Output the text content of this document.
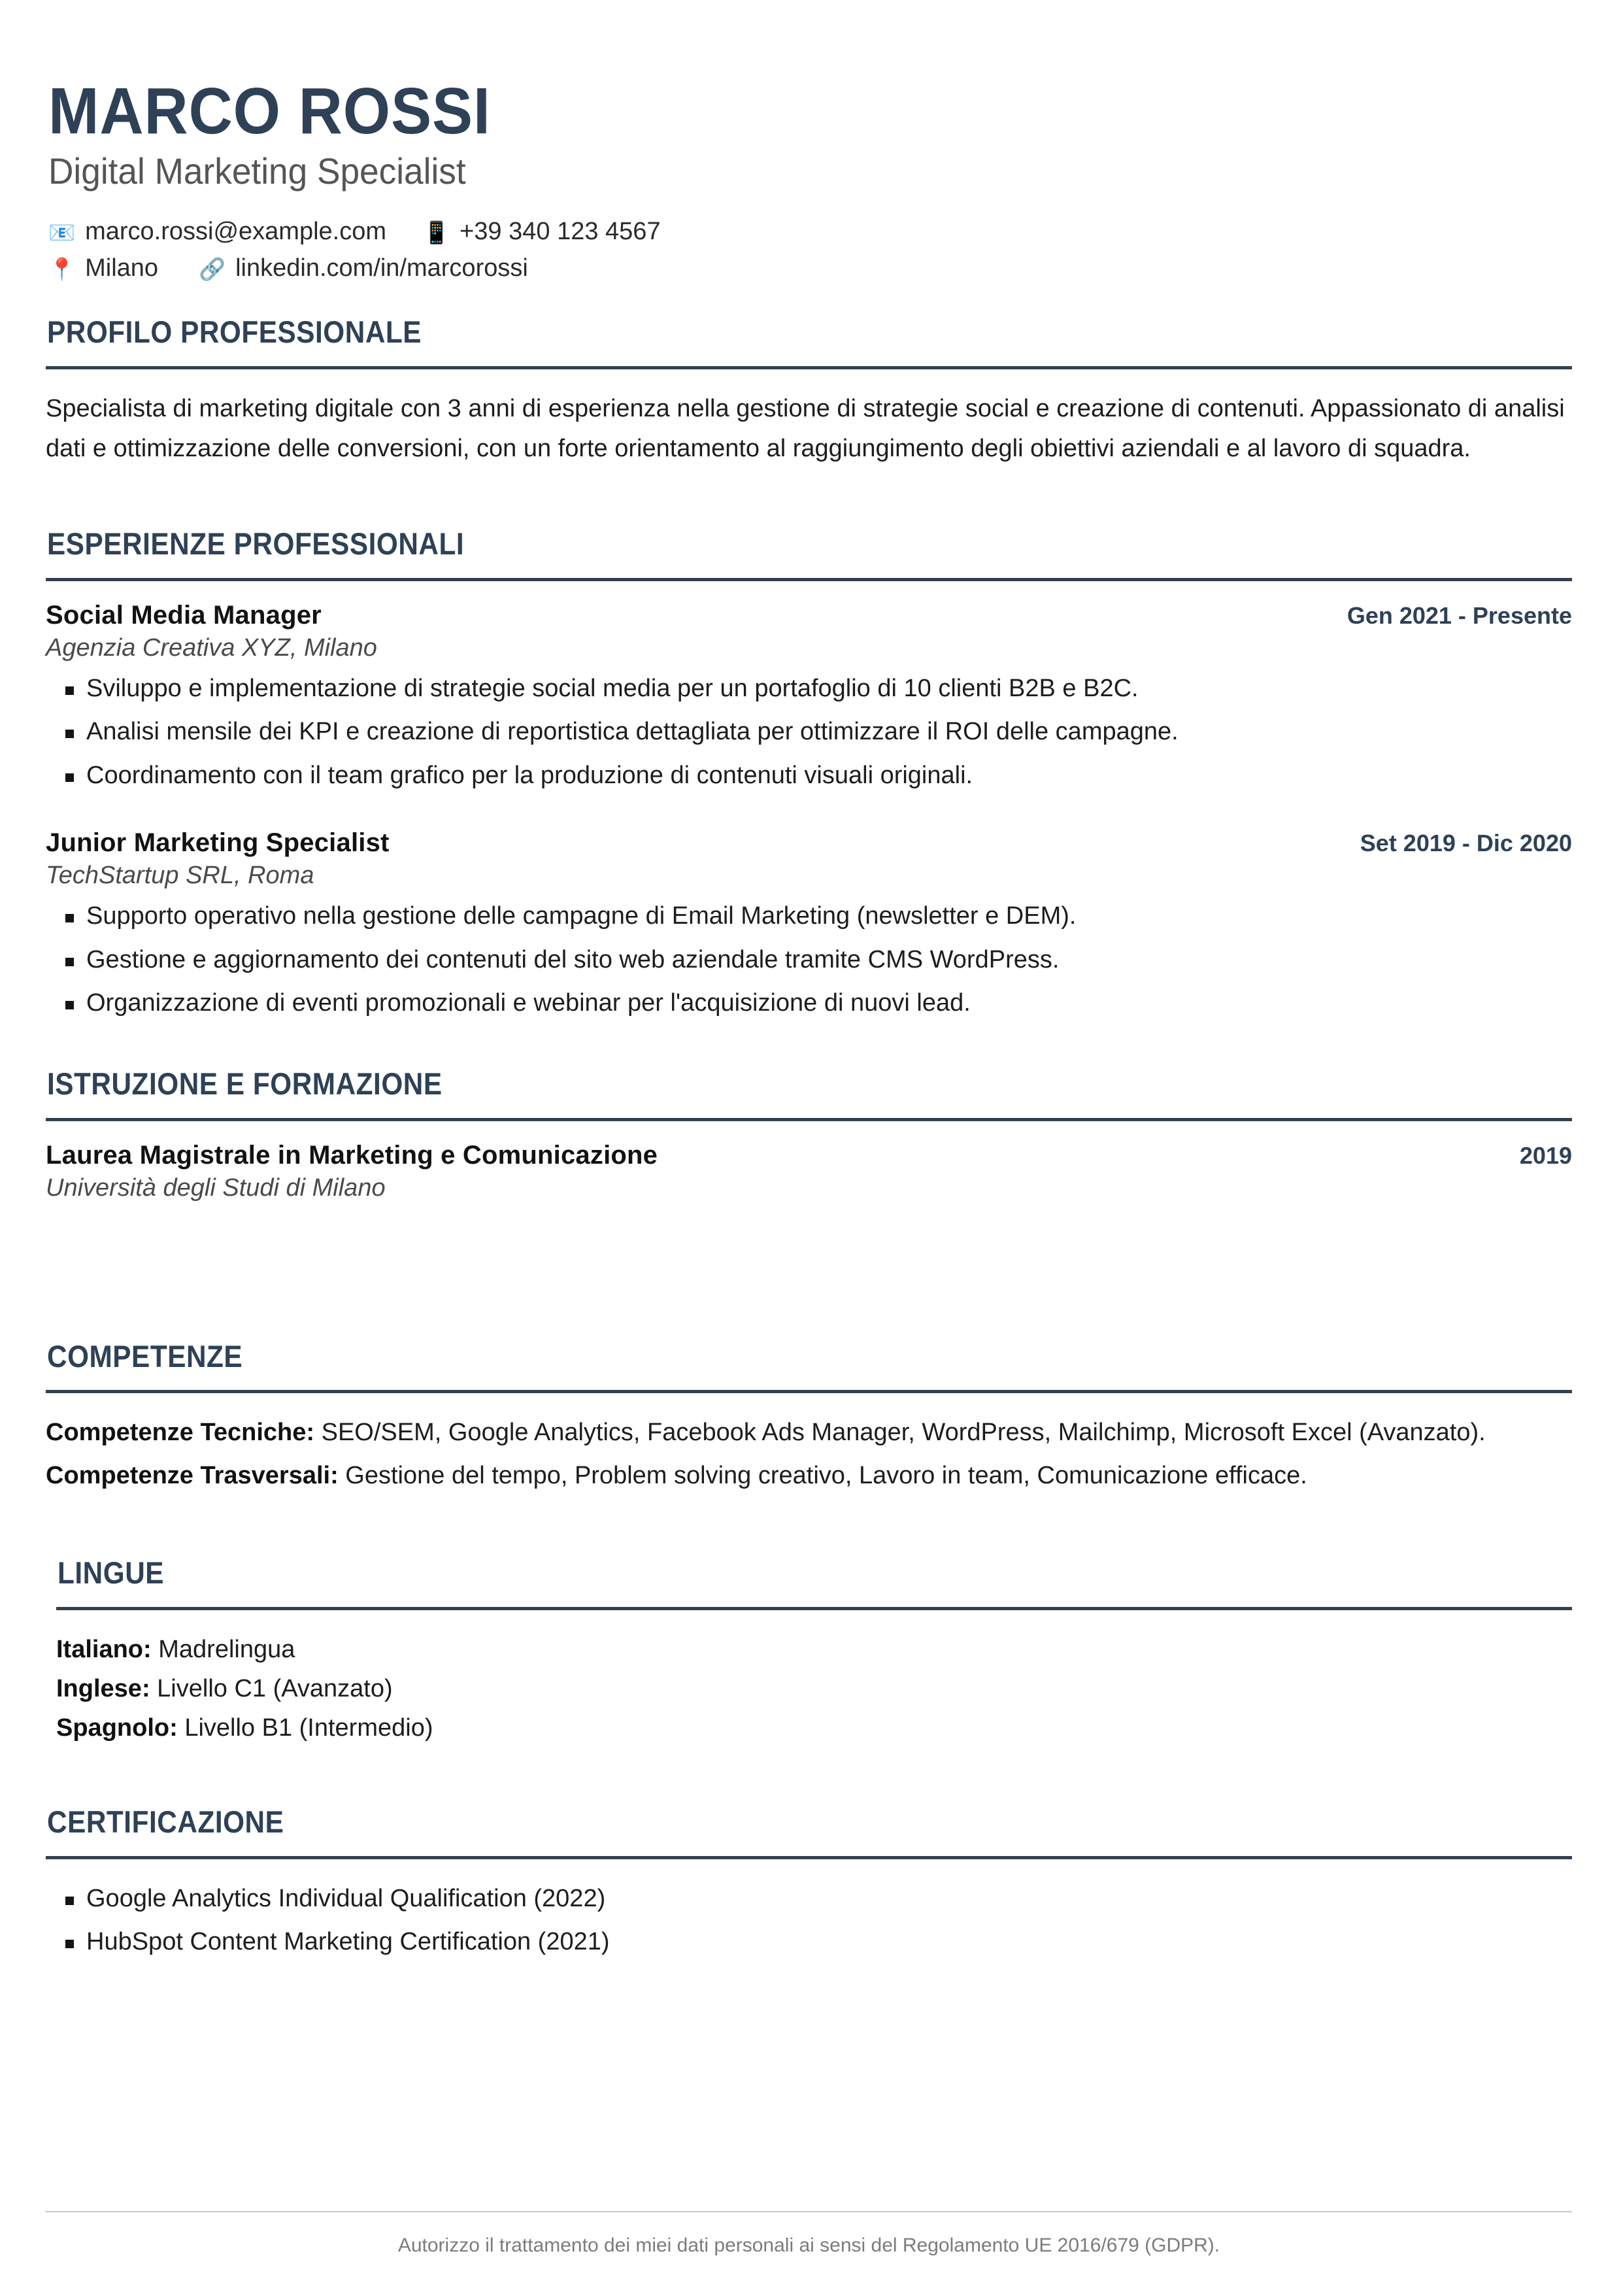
MARCO ROSSI
Digital Marketing Specialist
📧 marco.rossi@example.com 📱 +39 340 123 4567
📍 Milano 🔗 linkedin.com/in/marcorossi
PROFILO PROFESSIONALE
Specialista di marketing digitale con 3 anni di esperienza nella gestione di strategie social e creazione di contenuti. Appassionato di analisi dati e ottimizzazione delle conversioni, con un forte orientamento al raggiungimento degli obiettivi aziendali e al lavoro di squadra.
ESPERIENZE PROFESSIONALI
Social Media Manager	Gen 2021 - Presente
Agenzia Creativa XYZ, Milano
Sviluppo e implementazione di strategie social media per un portafoglio di 10 clienti B2B e B2C.
Analisi mensile dei KPI e creazione di reportistica dettagliata per ottimizzare il ROI delle campagne.
Coordinamento con il team grafico per la produzione di contenuti visuali originali.
Junior Marketing Specialist	Set 2019 - Dic 2020
TechStartup SRL, Roma
Supporto operativo nella gestione delle campagne di Email Marketing (newsletter e DEM).
Gestione e aggiornamento dei contenuti del sito web aziendale tramite CMS WordPress.
Organizzazione di eventi promozionali e webinar per l'acquisizione di nuovi lead.
ISTRUZIONE E FORMAZIONE
Laurea Magistrale in Marketing e Comunicazione	2019
Università degli Studi di Milano
COMPETENZE

Competenze Tecniche: SEO/SEM, Google Analytics, Facebook Ads Manager, WordPress, Mailchimp, Microsoft Excel (Avanzato).

Competenze Trasversali: Gestione del tempo, Problem solving creativo, Lavoro in team, Comunicazione efficace.

LINGUE

Italiano: Madrelingua

Inglese: Livello C1 (Avanzato)

Spagnolo: Livello B1 (Intermedio)

CERTIFICAZIONE
Google Analytics Individual Qualification (2022)
HubSpot Content Marketing Certification (2021)
Autorizzo il trattamento dei miei dati personali ai sensi del Regolamento UE 2016/679 (GDPR).
